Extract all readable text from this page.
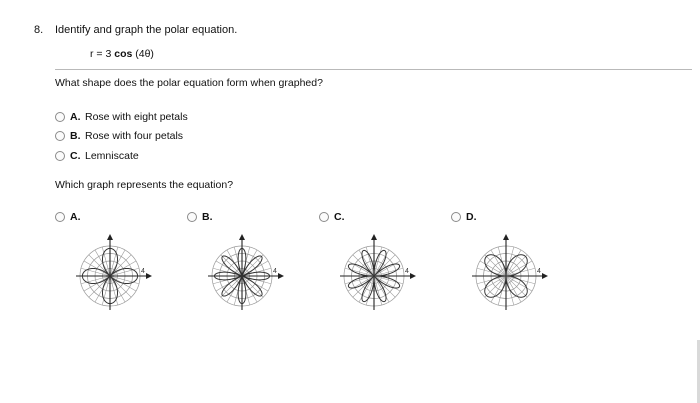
8. Identify and graph the polar equation.
r = 3 cos (4θ)
What shape does the polar equation form when graphed?
A. Rose with eight petals
B. Rose with four petals
C. Lemniscate
Which graph represents the equation?
A.	B.	C.	D.
4	4	4	4
